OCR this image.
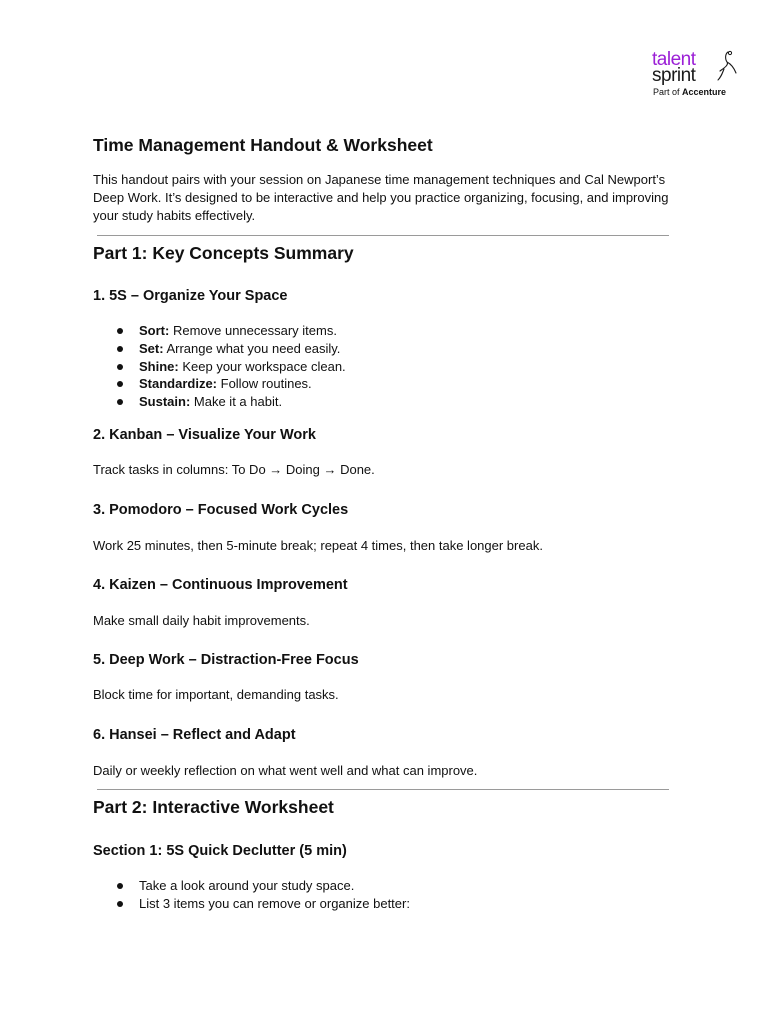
talent
sprint
Part of Accenture
Time Management Handout & Worksheet
This handout pairs with your session on Japanese time management techniques and Cal Newport’s Deep Work. It’s designed to be interactive and help you practice organizing, focusing, and improving your study habits effectively.
Part 1: Key Concepts Summary
1. 5S – Organize Your Space
Sort: Remove unnecessary items.
Set: Arrange what you need easily.
Shine: Keep your workspace clean.
Standardize: Follow routines.
Sustain: Make it a habit.
2. Kanban – Visualize Your Work
Track tasks in columns: To Do → Doing → Done.
3. Pomodoro – Focused Work Cycles
Work 25 minutes, then 5-minute break; repeat 4 times, then take longer break.
4. Kaizen – Continuous Improvement
Make small daily habit improvements.
5. Deep Work – Distraction-Free Focus
Block time for important, demanding tasks.
6. Hansei – Reflect and Adapt
Daily or weekly reflection on what went well and what can improve.
Part 2: Interactive Worksheet
Section 1: 5S Quick Declutter (5 min)
Take a look around your study space.
List 3 items you can remove or organize better:
